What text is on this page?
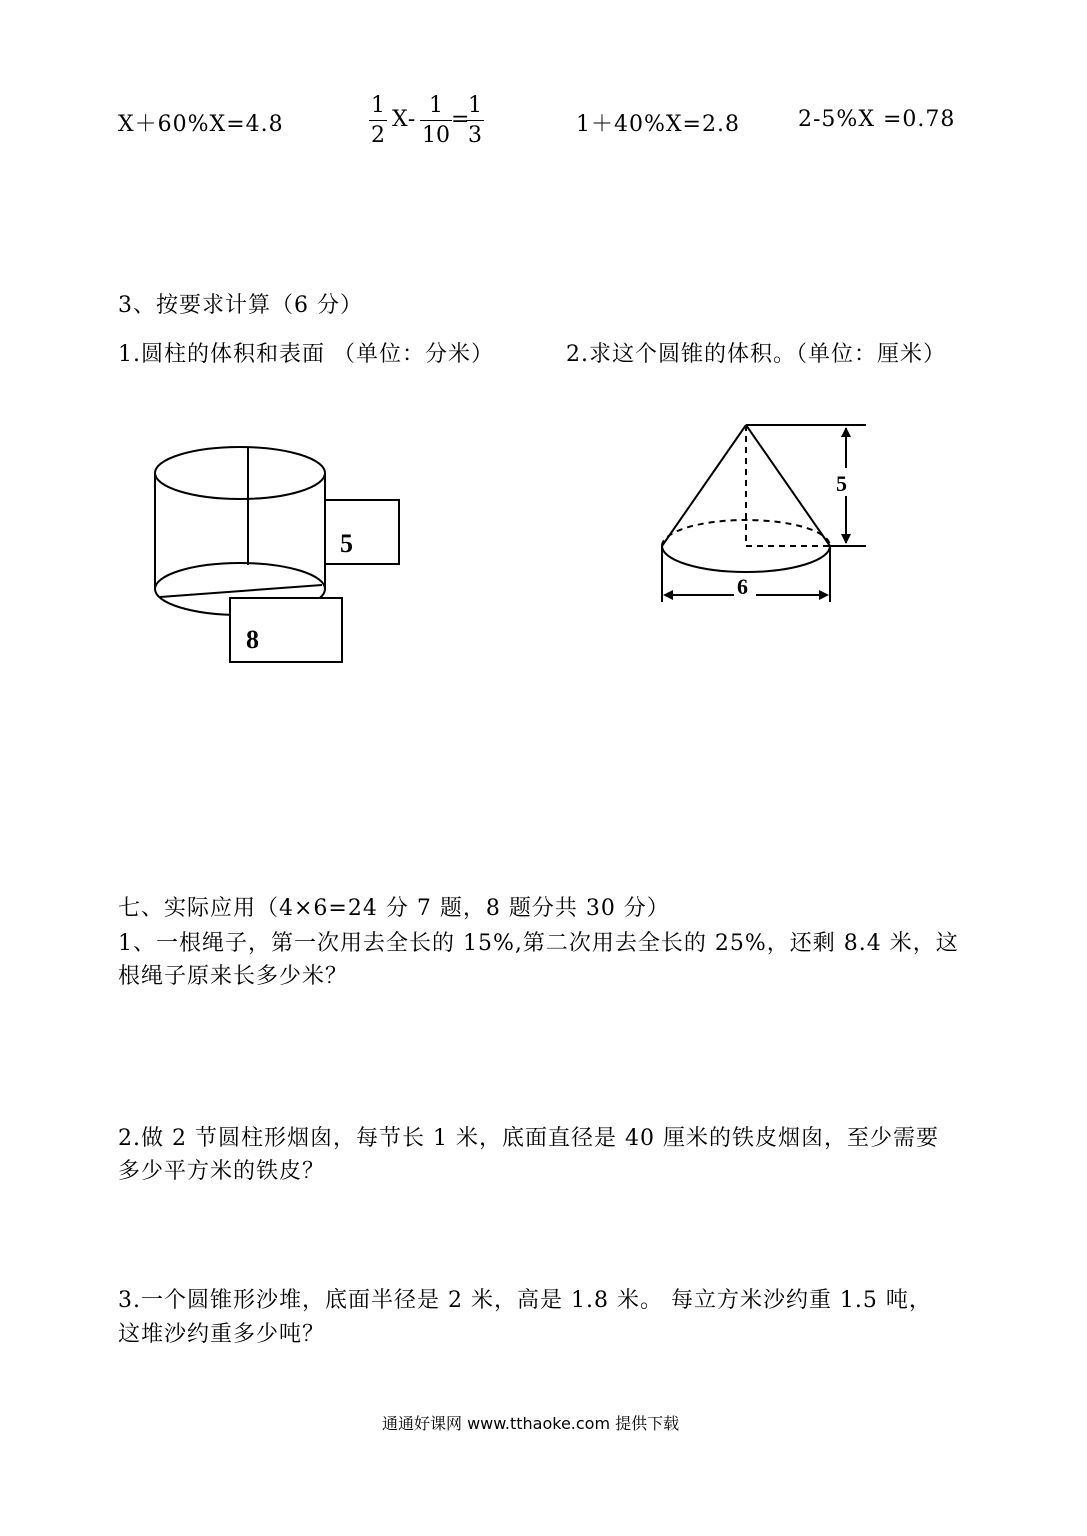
X＋60%X=4.8
1
2
X-
1
10
=
1
3	1＋40%X=2.8	2-5%X =0.78
3、按要求计算（6 分）
1.圆柱的体积和表面 （单位：分米）	2.求这个圆锥的体积。（单位：厘米）
5
8
5
6
七、实际应用（4×6=24 分 7 题，8 题分共 30 分）
1、一根绳子，第一次用去全长的 15%,第二次用去全长的 25%，还剩 8.4 米，这
根绳子原来长多少米？
2.做 2 节圆柱形烟囱，每节长 1 米，底面直径是 40 厘米的铁皮烟囱，至少需要
多少平方米的铁皮？
3.一个圆锥形沙堆，底面半径是 2 米，高是 1.8 米。 每立方米沙约重 1.5 吨，
这堆沙约重多少吨？
通通好课网 www.tthaoke.com 提供下载
